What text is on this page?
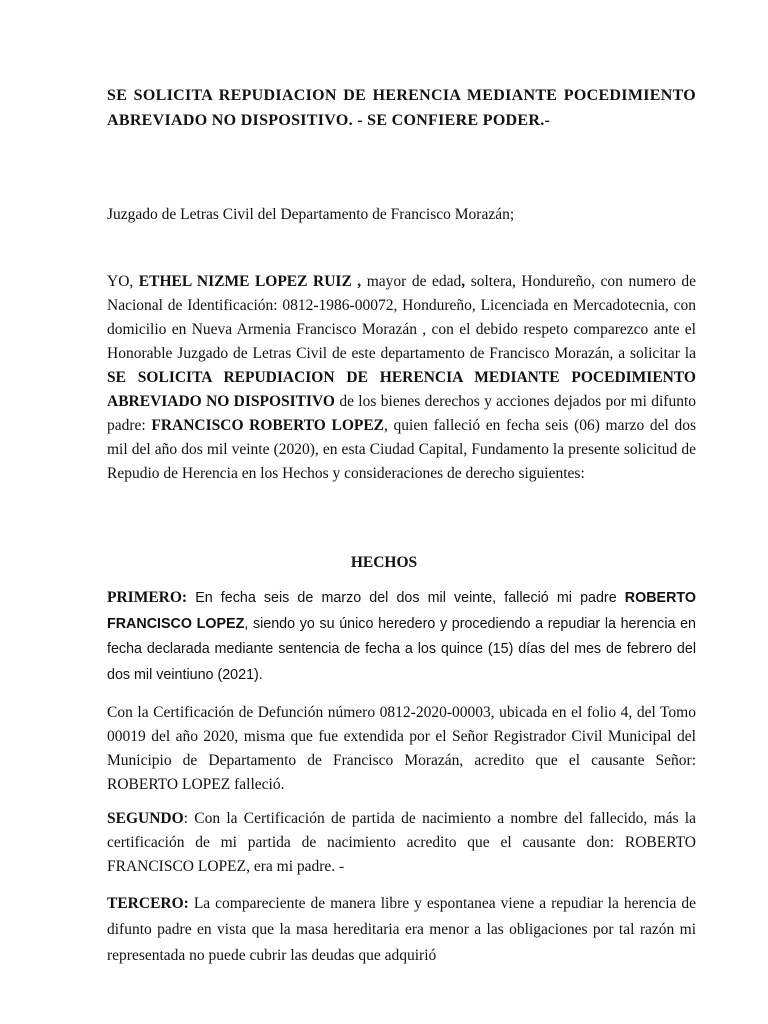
SE SOLICITA REPUDIACION DE HERENCIA MEDIANTE POCEDIMIENTO ABREVIADO NO DISPOSITIVO. - SE CONFIERE PODER.-
Juzgado de Letras Civil del Departamento de Francisco Morazán;
YO, ETHEL NIZME LOPEZ RUIZ , mayor de edad, soltera, Hondureño, con numero de Nacional de Identificación: 0812-1986-00072, Hondureño, Licenciada en Mercadotecnia, con domicilio en Nueva Armenia Francisco Morazán , con el debido respeto comparezco ante el Honorable Juzgado de Letras Civil de este departamento de Francisco Morazán, a solicitar la SE SOLICITA REPUDIACION DE HERENCIA MEDIANTE POCEDIMIENTO ABREVIADO NO DISPOSITIVO de los bienes derechos y acciones dejados por mi difunto padre: FRANCISCO ROBERTO LOPEZ, quien falleció en fecha seis (06) marzo del dos mil del año dos mil veinte (2020), en esta Ciudad Capital, Fundamento la presente solicitud de Repudio de Herencia en los Hechos y consideraciones de derecho siguientes:
HECHOS
PRIMERO: En fecha seis de marzo del dos mil veinte, falleció mi padre ROBERTO FRANCISCO LOPEZ, siendo yo su único heredero y procediendo a repudiar la herencia en fecha declarada mediante sentencia de fecha a los quince (15) días del mes de febrero del dos mil veintiuno (2021).
Con la Certificación de Defunción número 0812-2020-00003, ubicada en el folio 4, del Tomo 00019 del año 2020, misma que fue extendida por el Señor Registrador Civil Municipal del Municipio de Departamento de Francisco Morazán, acredito que el causante Señor: ROBERTO LOPEZ falleció.
SEGUNDO: Con la Certificación de partida de nacimiento a nombre del fallecido, más la certificación de mi partida de nacimiento acredito que el causante don: ROBERTO FRANCISCO LOPEZ, era mi padre. -
TERCERO: La compareciente de manera libre y espontanea viene a repudiar la herencia de difunto padre en vista que la masa hereditaria era menor a las obligaciones por tal razón mi representada no puede cubrir las deudas que adquirió
